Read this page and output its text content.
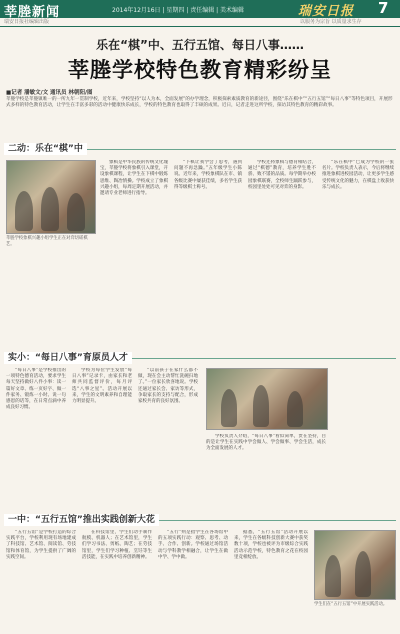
莘塍新闻	2014年12月16日 | 星期四 | 责任编辑 | 美术编辑	瑞安日报 7
瑞安日报社编辑出版	以服务为宗旨 以质量求生存
乐在“棋”中、五行五馆、每日八事……
莘塍学校特色教育精彩纷呈
■记者 潘敏文/文 通讯员 林朝阳/图
莘塍学校是莘塍镇唯一的一所九年一贯制学校，近年来，学校坚持“以人为本，全面发展”的办学理念，积极探索素质教育的新途径，围绕“乐在棋中”“五行五馆”“每日八事”等特色项目，开展形式多样的特色教育活动，让学生在丰富多彩的活动中健康快乐成长，学校的特色教育也取得了丰硕的成果。近日，记者走进这所学校，探访其特色教育的精彩故事。
二动：乐在“棋”中
莘塍学校象棋兴趣小组学生正在对弈切磋棋艺。

象棋是中华民族的传统文化瑰宝，莘塍学校将象棋引入课堂，开设象棋课程，让学生在下棋中锻炼思维、陶冶情操。学校成立了象棋兴趣小组，每周定期开展活动，并邀请专业老师进行指导。

“下棋让我学会了思考，遇到问题不再急躁。”五年级学生小陈说。近年来，学校象棋队在市、镇各级比赛中屡获佳绩，多名学生获得等级棋士称号。

学校还将象棋与德育相结合，通过“棋德”教育，培养学生胜不骄、败不馁的品质。每学期举办校园象棋联赛，全校师生踊跃参与，校园里处处可见对弈的身影。

“乐在棋中”已成为学校的一张名片。学校负责人表示，今后将继续推进象棋进校园活动，让更多学生感受传统文化的魅力，在棋盘上收获快乐与成长。

实小：“每日八事”育原员人才

“每日八事”是学校推出的一项特色德育活动，要求学生每天坚持做好八件小事：读一篇好文章、练一页好字、做一件家务、锻炼一小时、说一句感恩的话等，在日常点滴中养成良好习惯。

学校为每位学生发放“每日八事”记录卡，由家长和老师共同监督评价，每月评选“八事之星”。活动开展以来，学生的文明素养和自理能力明显提升。

“以前孩子在家什么都不做，现在会主动帮忙洗碗扫地了。”一位家长欣喜地说。学校还通过家长会、家访等形式，争取家长的支持与配合，形成家校共育的良好氛围。

学校负责人介绍，“每日八事”看似简单，贵在坚持，目的是让学生在实践中学会做人、学会做事、学会生活，成长为全面发展的人才。

一中：“五行五馆”推出实践创新大花

“五行五馆”是学校打造的综合实践平台，学校利用现有场地建成了科技馆、艺术馆、阅读馆、劳技馆和体育馆，为学生提供了广阔的实践空间。

在科技馆里，学生们动手制作航模、机器人；在艺术馆里，学生们学习书法、剪纸、陶艺；在劳技馆里，学生们学习种植、烹饪等生活技能，在实践中培养创新精神。

“五行”则是指学生在各场馆中的五项实践行动：观察、思考、动手、合作、创新。学校通过场馆活动与学科教学相融合，让学生在做中学、学中做。

据悉，“五行五馆”活动开展以来，学生在各级科技创新大赛中获奖数十项，学校也被评为市级综合实践活动示范学校，特色教育之花在校园里竞相绽放。

学生们在“五行五馆”中开展实践活动。
